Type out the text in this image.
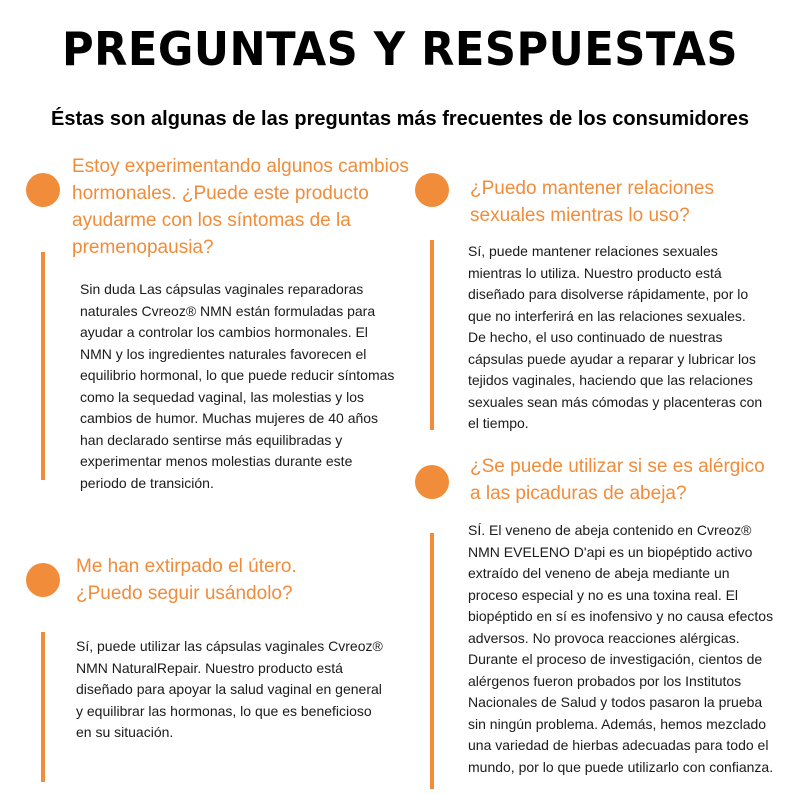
PREGUNTAS Y RESPUESTAS
Éstas son algunas de las preguntas más frecuentes de los consumidores
Estoy experimentando algunos cambios hormonales. ¿Puede este producto ayudarme con los síntomas de la premenopausia?
Sin duda Las cápsulas vaginales reparadoras naturales Cvreoz® NMN están formuladas para ayudar a controlar los cambios hormonales. El NMN y los ingredientes naturales favorecen el equilibrio hormonal, lo que puede reducir síntomas como la sequedad vaginal, las molestias y los cambios de humor. Muchas mujeres de 40 años han declarado sentirse más equilibradas y experimentar menos molestias durante este periodo de transición.
¿Puedo mantener relaciones sexuales mientras lo uso?
Sí, puede mantener relaciones sexuales mientras lo utiliza. Nuestro producto está diseñado para disolverse rápidamente, por lo que no interferirá en las relaciones sexuales. De hecho, el uso continuado de nuestras cápsulas puede ayudar a reparar y lubricar los tejidos vaginales, haciendo que las relaciones sexuales sean más cómodas y placenteras con el tiempo.
¿Se puede utilizar si se es alérgico a las picaduras de abeja?
SÍ. El veneno de abeja contenido en Cvreoz® NMN EVELENO D'api es un biopéptido activo extraído del veneno de abeja mediante un proceso especial y no es una toxina real. El biopéptido en sí es inofensivo y no causa efectos adversos. No provoca reacciones alérgicas. Durante el proceso de investigación, cientos de alérgenos fueron probados por los Institutos Nacionales de Salud y todos pasaron la prueba sin ningún problema. Además, hemos mezclado una variedad de hierbas adecuadas para todo el mundo, por lo que puede utilizarlo con confianza.
Me han extirpado el útero. ¿Puedo seguir usándolo?
Sí, puede utilizar las cápsulas vaginales Cvreoz® NMN NaturalRepair. Nuestro producto está diseñado para apoyar la salud vaginal en general y equilibrar las hormonas, lo que es beneficioso en su situación.
